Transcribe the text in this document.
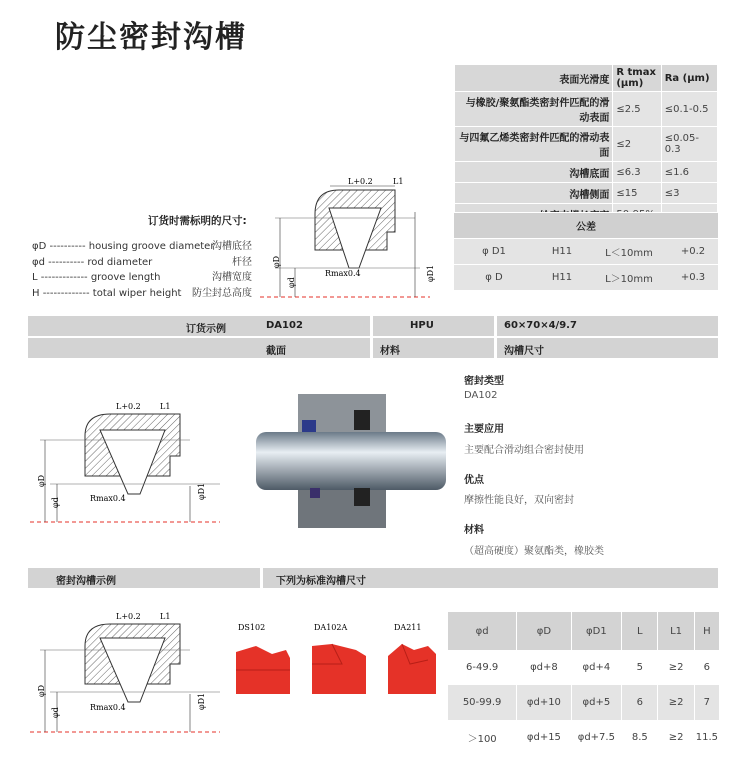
防尘密封沟槽
表面光滑度	R tmax (μm)	Ra (μm)
与橡胶/聚氨酯类密封件匹配的滑动表面	≤2.5	≤0.1-0.5
与四氟乙烯类密封件匹配的滑动表面	≤2	≤0.05-0.3
沟槽底面	≤6.3	≤1.6
沟槽侧面	≤15	≤3

公差			
φ D1	H11	L＜10mm	+0.2
φ D	H11	L＞10mm	+0.3
订货时需标明的尺寸:
φD ---------- housing groove diameter
沟槽底径
φd ---------- rod diameter	杆径
L ------------- groove length	沟槽宽度
H ------------- total wiper height	防尘封总高度
L+0.2	L1
Rmax0.4
φD
φd
φD1
订货示例	DA102	HPU	60×70×4/9.7
截面	材料	沟槽尺寸
L+0.2 L1
Rmax0.4
φD
φd
φD1
密封类型
DA102
主要应用
主要配合滑动组合密封使用
优点
摩擦性能良好，双向密封
材料
（超高硬度）聚氨酯类，橡胶类
密封沟槽示例	下列为标准沟槽尺寸
L+0.2 L1
Rmax0.4
φD
φd
φD1
DS102	DA102A	DA211	φd	φD	φD1	L	L1	H
6-49.9	φd+8	φd+4	5	≥2	6
50-99.9	φd+10	φd+5	6	≥2	7
＞100	φd+15	φd+7.5	8.5	≥2	11.5
